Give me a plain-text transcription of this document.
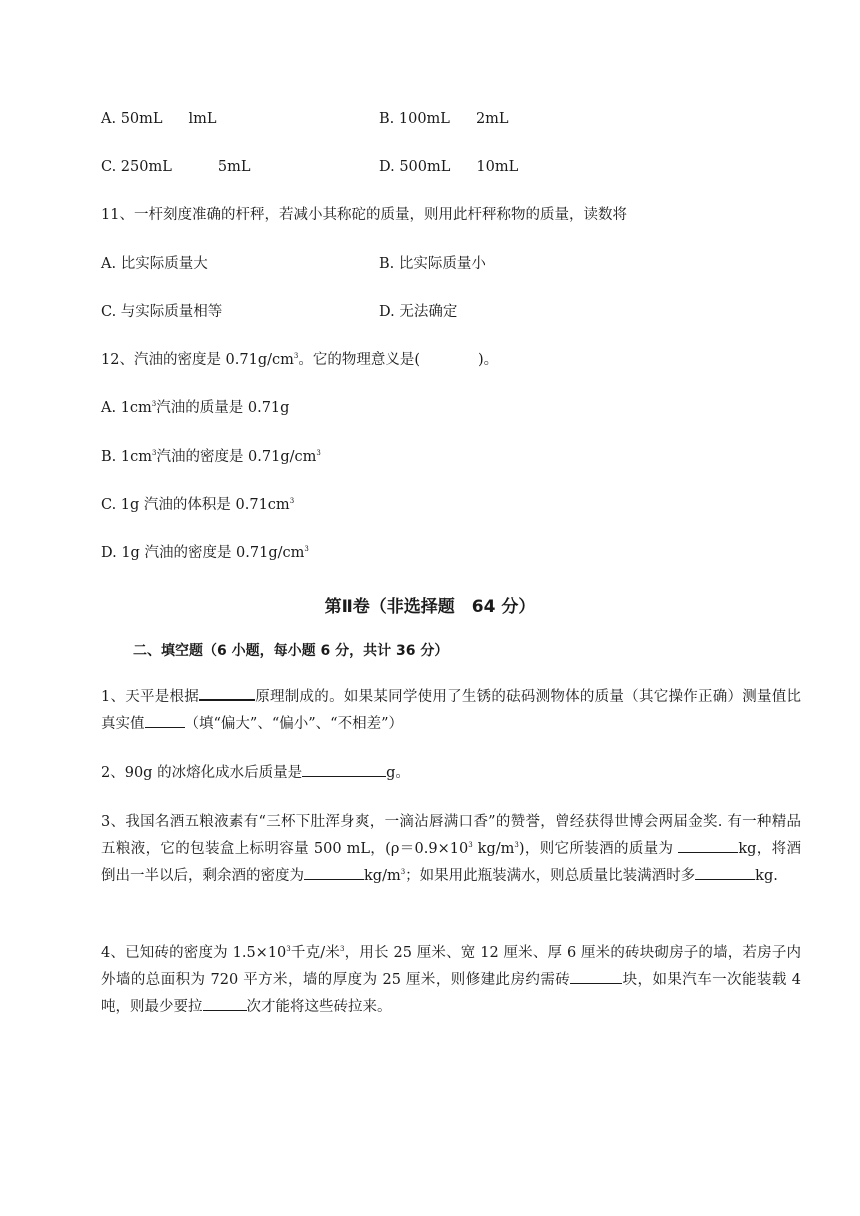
A. 50mL lmL	B. 100mL 2mL
C. 250mL	5mL	D. 500mL 10mL
11、一杆刻度准确的杆秤，若减小其称砣的质量，则用此杆秤称物的质量，读数将
A. 比实际质量大	B. 比实际质量小
C. 与实际质量相等	D. 无法确定
12、汽油的密度是 $0.71g/cm^3$。它的物理意义是(　　　　)。
A. $1cm^3$汽油的质量是 0.71g
B. $1cm^3$汽油的密度是 $0.71g/cm^3$
C. 1g 汽油的体积是 $0.71cm^3$
D. 1g 汽油的密度是 $0.71g/cm^3$
第Ⅱ卷（非选择题　64 分）
二、填空题（6 小题，每小题 6 分，共计 36 分）
1、天平是根据	原理制成的。如果某同学使用了生锈的砝码测物体的质量（其它操作正确）测量值比真实值	（填“偏大”、“偏小”、“不相差”）
2、90g 的冰熔化成水后质量是	g。
3、我国名酒五粮液素有“三杯下肚浑身爽，一滴沾唇满口香”的赞誉，曾经获得世博会两届金奖. 有一种精品五粮液，它的包装盒上标明容量 500 mL，($\rho=0.9\times 10^3$ $kg/m^3$)，则它所装酒的质量为	kg，将酒倒出一半以后，剩余酒的密度为	$kg/m^3$；如果用此瓶装满水，则总质量比装满酒时多	kg.
4、已知砖的密度为 $1.5\times 10^3$千克/米$^3$，用长 25 厘米、宽 12 厘米、厚 6 厘米的砖块砌房子的墙，若房子内外墙的总面积为 720 平方米，墙的厚度为 25 厘米，则修建此房约需砖	块，如果汽车一次能装载 4 吨，则最少要拉	次才能将这些砖拉来。
